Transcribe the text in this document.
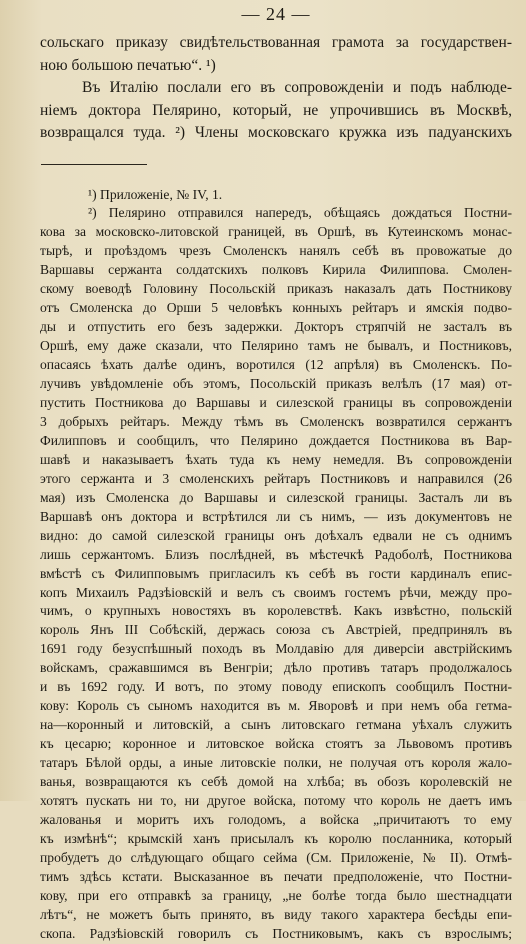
— 24 —
сольскаго приказу свидѣтельствованная грамота за государствен-
ною большою печатью“. ¹)
Въ Италію послали его въ сопровожденіи и подъ наблюде-
ніемъ доктора Пелярино, который, не упрочившись въ Москвѣ,
возвращался туда. ²) Члены московскаго кружка изъ падуанскихъ
¹) Приложеніе, № IV, 1.
²) Пелярино отправился напередъ, обѣщаясь дождаться Постни-
кова за московско-литовской границей, въ Оршѣ, въ Кутеинскомъ монас-
тырѣ, и проѣздомъ чрезъ Смоленскъ нанялъ себѣ въ провожатые до
Варшавы сержанта солдатскихъ полковъ Кирила Филиппова. Смолен-
скому воеводѣ Головину Посольскій приказъ наказалъ дать Постникову
отъ Смоленска до Орши 5 человѣкъ конныхъ рейтаръ и ямскія подво-
ды и отпустить его безъ задержки. Докторъ стряпчій не засталъ въ
Оршѣ, ему даже сказали, что Пелярино тамъ не бывалъ, и Постниковъ,
опасаясь ѣхать далѣе одинъ, воротился (12 апрѣля) въ Смоленскъ. По-
лучивъ увѣдомленіе объ этомъ, Посольскій приказъ велѣлъ (17 мая) от-
пустить Постникова до Варшавы и силезской границы въ сопровожденіи
3 добрыхъ рейтаръ. Между тѣмъ въ Смоленскъ возвратился сержантъ
Филипповъ и сообщилъ, что Пелярино дождается Постникова въ Вар-
шавѣ и наказываетъ ѣхать туда къ нему немедля. Въ сопровожденіи
этого сержанта и 3 смоленскихъ рейтаръ Постниковъ и направился (26
мая) изъ Смоленска до Варшавы и силезской границы. Засталъ ли въ
Варшавѣ онъ доктора и встрѣтился ли съ нимъ, — изъ документовъ не
видно: до самой силезской границы онъ доѣхалъ едвали не съ однимъ
лишь сержантомъ. Близъ послѣдней, въ мѣстечкѣ Радоболѣ, Постникова
вмѣстѣ съ Филипповымъ пригласилъ къ себѣ въ гости кардиналъ епис-
копъ Михаилъ Радзѣіовскій и велъ съ своимъ гостемъ рѣчи, между про-
чимъ, о крупныхъ новостяхъ въ королевствѣ. Какъ извѣстно, польскій
король Янъ III Собѣскій, держась союза съ Австріей, предпринялъ въ
1691 году безуспѣшный походъ въ Молдавію для диверсіи австрійскимъ
войскамъ, сражавшимся въ Венгріи; дѣло противъ татаръ продолжалось
и въ 1692 году. И вотъ, по этому поводу епископъ сообщилъ Постни-
кову: Король съ сыномъ находится въ м. Яворовѣ и при немъ оба гетма-
на—коронный и литовскій, а сынъ литовскаго гетмана уѣхалъ служить
къ цесарю; коронное и литовское войска стоятъ за Львовомъ противъ
татаръ Бѣлой орды, а иные литовскіе полки, не получая отъ короля жало-
ванья, возвращаются къ себѣ домой на хлѣба; въ обозъ королевскій не
хотятъ пускать ни то, ни другое войска, потому что король не даетъ имъ
жалованья и моритъ ихъ голодомъ, а войска „причитаютъ то ему
къ измѣнѣ“; крымскій ханъ присылалъ къ королю посланника, который
пробудетъ до слѣдующаго общаго сейма (См. Приложеніе, № II). Отмѣ-
тимъ здѣсь кстати. Высказанное въ печати предположеніе, что Постни-
кову, при его отправкѣ за границу, „не болѣе тогда было шестнадцати
лѣтъ“, не можетъ быть принято, въ виду такого характера бесѣды епи-
скопа. Радзѣіовскій говорилъ съ Постниковымъ, какъ съ взрослымъ;
